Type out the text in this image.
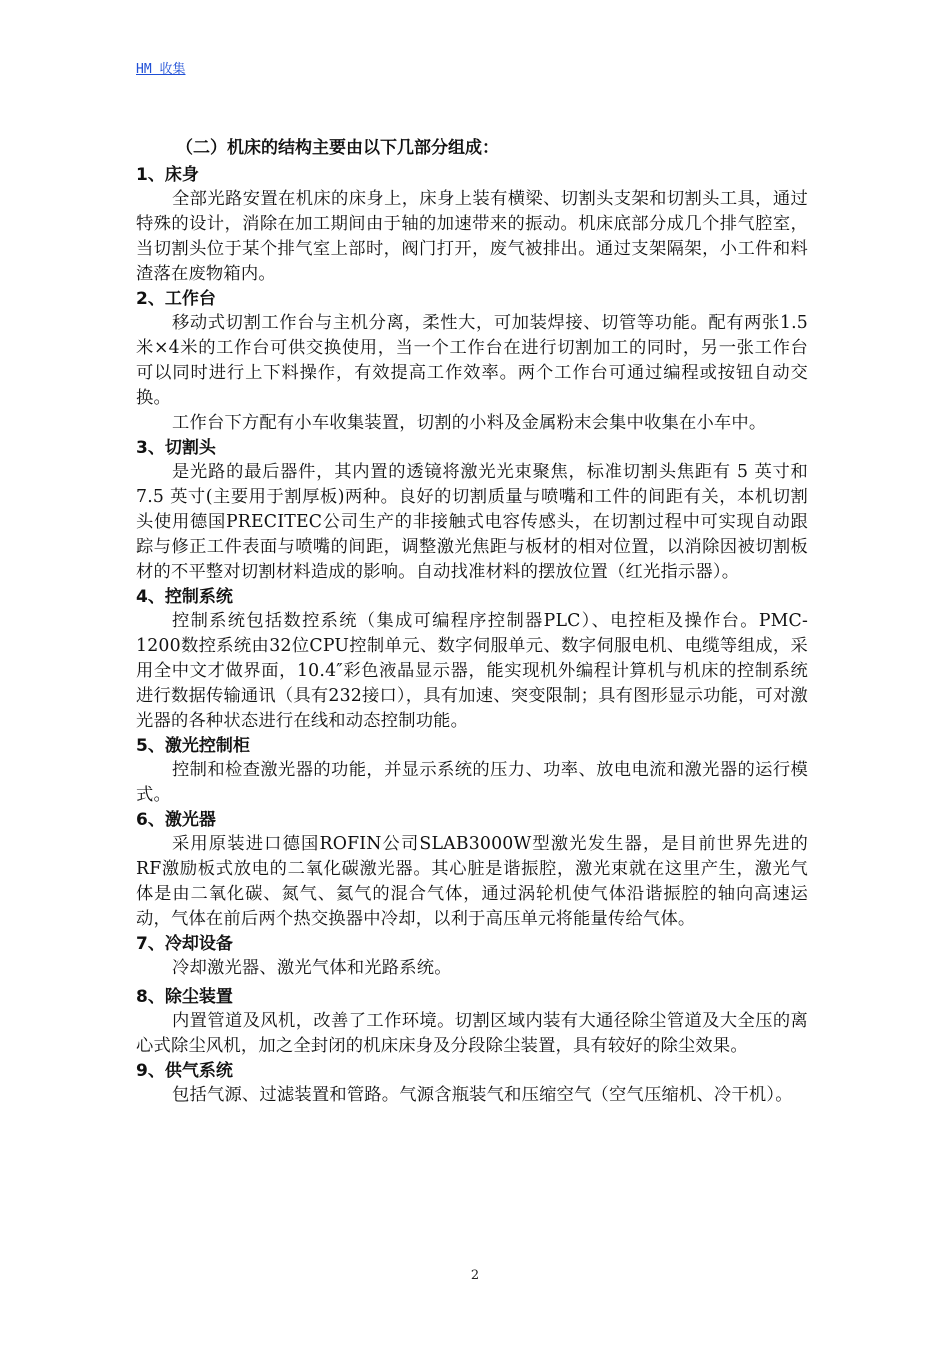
HM 收集

（二）机床的结构主要由以下几部分组成：

1、床身

全部光路安置在机床的床身上，床身上装有横梁、切割头支架和切割头工具，通过特殊的设计，消除在加工期间由于轴的加速带来的振动。机床底部分成几个排气腔室，当切割头位于某个排气室上部时，阀门打开，废气被排出。通过支架隔架，小工件和料渣落在废物箱内。

2、工作台

移动式切割工作台与主机分离，柔性大，可加装焊接、切管等功能。配有两张1.5米×4米的工作台可供交换使用，当一个工作台在进行切割加工的同时，另一张工作台可以同时进行上下料操作，有效提高工作效率。两个工作台可通过编程或按钮自动交换。

工作台下方配有小车收集装置，切割的小料及金属粉末会集中收集在小车中。

3、切割头

是光路的最后器件，其内置的透镜将激光光束聚焦，标准切割头焦距有 5 英寸和 7.5 英寸(主要用于割厚板)两种。良好的切割质量与喷嘴和工件的间距有关，本机切割头使用德国PRECITEC公司生产的非接触式电容传感头，在切割过程中可实现自动跟踪与修正工件表面与喷嘴的间距，调整激光焦距与板材的相对位置，以消除因被切割板材的不平整对切割材料造成的影响。自动找准材料的摆放位置（红光指示器）。

4、控制系统

控制系统包括数控系统（集成可编程序控制器PLC）、电控柜及操作台。PMC-1200数控系统由32位CPU控制单元、数字伺服单元、数字伺服电机、电缆等组成，采用全中文才做界面，10.4″彩色液晶显示器，能实现机外编程计算机与机床的控制系统进行数据传输通讯（具有232接口），具有加速、突变限制；具有图形显示功能，可对激光器的各种状态进行在线和动态控制功能。

5、激光控制柜

控制和检查激光器的功能，并显示系统的压力、功率、放电电流和激光器的运行模式。

6、激光器

采用原装进口德国ROFIN公司SLAB3000W型激光发生器，是目前世界先进的RF激励板式放电的二氧化碳激光器。其心脏是谐振腔，激光束就在这里产生，激光气体是由二氧化碳、氮气、氦气的混合气体，通过涡轮机使气体沿谐振腔的轴向高速运动，气体在前后两个热交换器中冷却，以利于高压单元将能量传给气体。

7、冷却设备

冷却激光器、激光气体和光路系统。

8、除尘装置

内置管道及风机，改善了工作环境。切割区域内装有大通径除尘管道及大全压的离心式除尘风机，加之全封闭的机床床身及分段除尘装置，具有较好的除尘效果。

9、供气系统

包括气源、过滤装置和管路。气源含瓶装气和压缩空气（空气压缩机、冷干机）。

2
